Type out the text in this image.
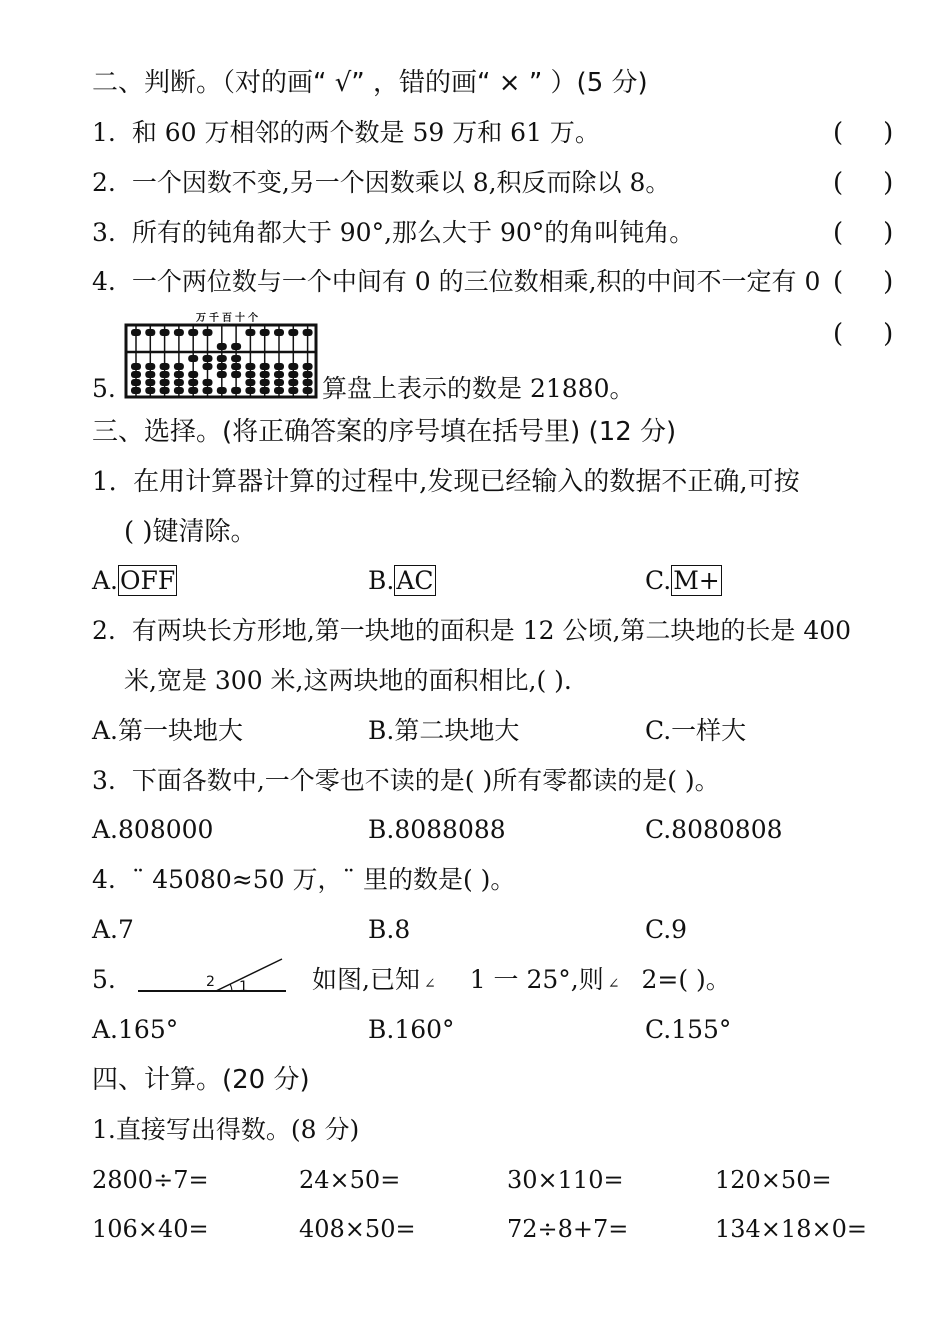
二、判断。（对的画“ √” ，错的画“ × ” ）(5 分)
1. 和 60 万相邻的两个数是 59 万和 61 万。	( )
2. 一个因数不变,另一个因数乘以 8,积反而除以 8。	( )
3. 所有的钝角都大于 90°,那么大于 90°的角叫钝角。	( )
4. 一个两位数与一个中间有 0 的三位数相乘,积的中间不一定有 0 ( )
( )
5.
万千百十个
算盘上表示的数是 21880。
三、选择。(将正确答案的序号填在括号里) (12 分)
1. 在用计算器计算的过程中,发现已经输入的数据不正确,可按
( )键清除。
A.OFF	B.AC	C.M+
2. 有两块长方形地,第一块地的面积是 12 公顷,第二块地的长是 400
米,宽是 300 米,这两块地的面积相比,( ).
A.第一块地大	B.第二块地大	C.一样大
3. 下面各数中,一个零也不读的是( )所有零都读的是( )。
A.808000	B.8088088	C.8080808
4. ¨ 45080≈50 万，¨ 里的数是( )。
A.7	B.8	C.9
5.	2 1	如图,已知 ∠ 1 一 25°,则 ∠ 2=( )。
A.165°	B.160°	C.155°
四、计算。(20 分)
1.直接写出得数。(8 分)
2800÷7=	24×50=	30×110=	120×50=
106×40=	408×50=	72÷8+7=	134×18×0=
